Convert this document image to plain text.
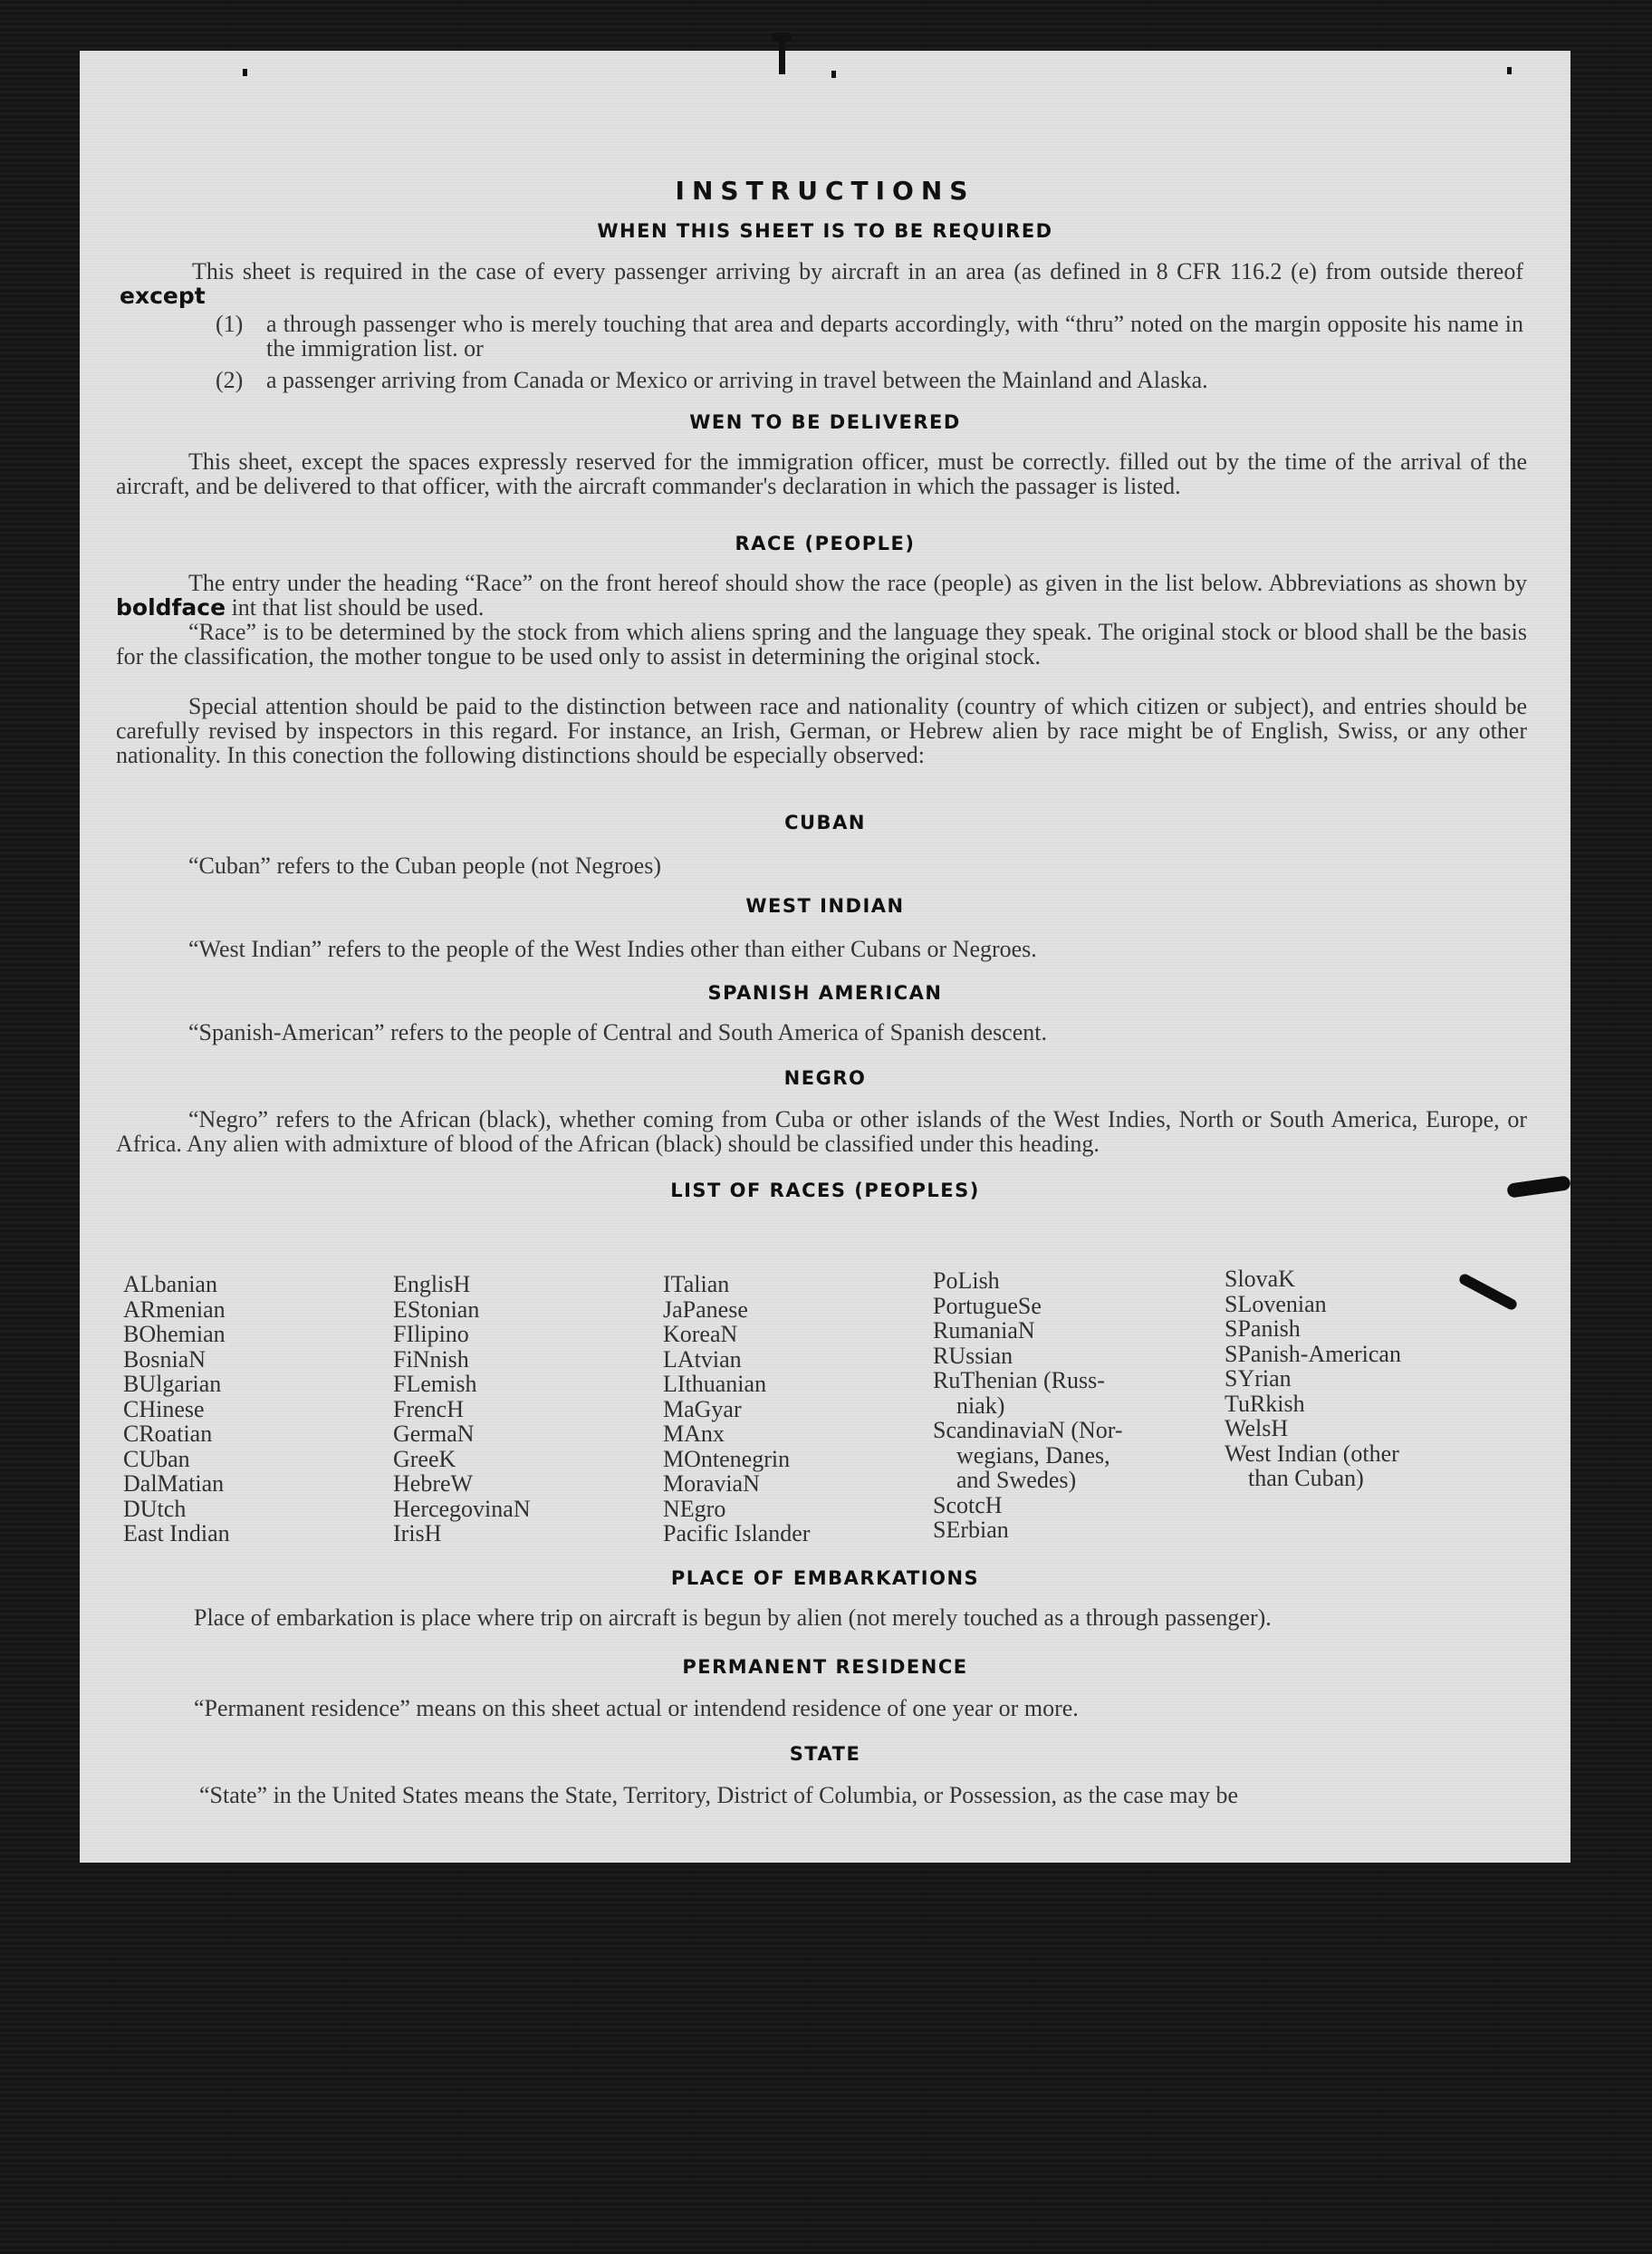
INSTRUCTIONS
WHEN THIS SHEET IS TO BE REQUIRED

This sheet is required in the case of every passenger arriving by aircraft in an area (as defined in 8 CFR 116.2 (e) from outside thereof except

(1) a through passenger who is merely touching that area and departs accordingly, with “thru” noted on the margin opposite his name in the immigration list. or

(2) a passenger arriving from Canada or Mexico or arriving in travel between the Mainland and Alaska.

WEN TO BE DELIVERED

This sheet, except the spaces expressly reserved for the immigration officer, must be correctly. filled out by the time of the arrival of the aircraft, and be delivered to that officer, with the aircraft commander's declaration in which the passager is listed.

RACE (PEOPLE)

The entry under the heading “Race” on the front hereof should show the race (people) as given in the list below. Abbreviations as shown by boldface int that list should be used.

“Race” is to be determined by the stock from which aliens spring and the language they speak. The original stock or blood shall be the basis for the classification, the mother tongue to be used only to assist in determining the original stock.

Special attention should be paid to the distinction between race and nationality (country of which citizen or subject), and entries should be carefully revised by inspectors in this regard. For instance, an Irish, German, or Hebrew alien by race might be of English, Swiss, or any other nationality. In this conection the following distinctions should be especially observed:

CUBAN

“Cuban” refers to the Cuban people (not Negroes)

WEST INDIAN

“West Indian” refers to the people of the West Indies other than either Cubans or Negroes.

SPANISH AMERICAN

“Spanish-American” refers to the people of Central and South America of Spanish descent.

NEGRO

“Negro” refers to the African (black), whether coming from Cuba or other islands of the West Indies, North or South America, Europe, or Africa. Any alien with admixture of blood of the African (black) should be classified under this heading.

LIST OF RACES (PEOPLES)
ALbanian
ARmenian
BOhemian
BosniaN
BUlgarian
CHinese
CRoatian
CUban
DalMatian
DUtch
East Indian
EnglisH
EStonian
FIlipino
FiNnish
FLemish
FrencH
GermaN
GreeK
HebreW
HercegovinaN
IrisH
ITalian
JaPanese
KoreaN
LAtvian
LIthuanian
MaGyar
MAnx
MOntenegrin
MoraviaN
NEgro
Pacific Islander
PoLish
PortugueSe
RumaniaN
RUssian
RuThenian (Russ-
niak)
ScandinaviaN (Nor-
wegians, Danes,
and Swedes)
ScotcH
SErbian
SlovaK
SLovenian
SPanish
SPanish-American
SYrian
TuRkish
WelsH
West Indian (other
than Cuban)
PLACE OF EMBARKATIONS

Place of embarkation is place where trip on aircraft is begun by alien (not merely touched as a through passenger).

PERMANENT RESIDENCE

“Permanent residence” means on this sheet actual or intendend residence of one year or more.

STATE

“State” in the United States means the State, Territory, District of Columbia, or Possession, as the case may be
